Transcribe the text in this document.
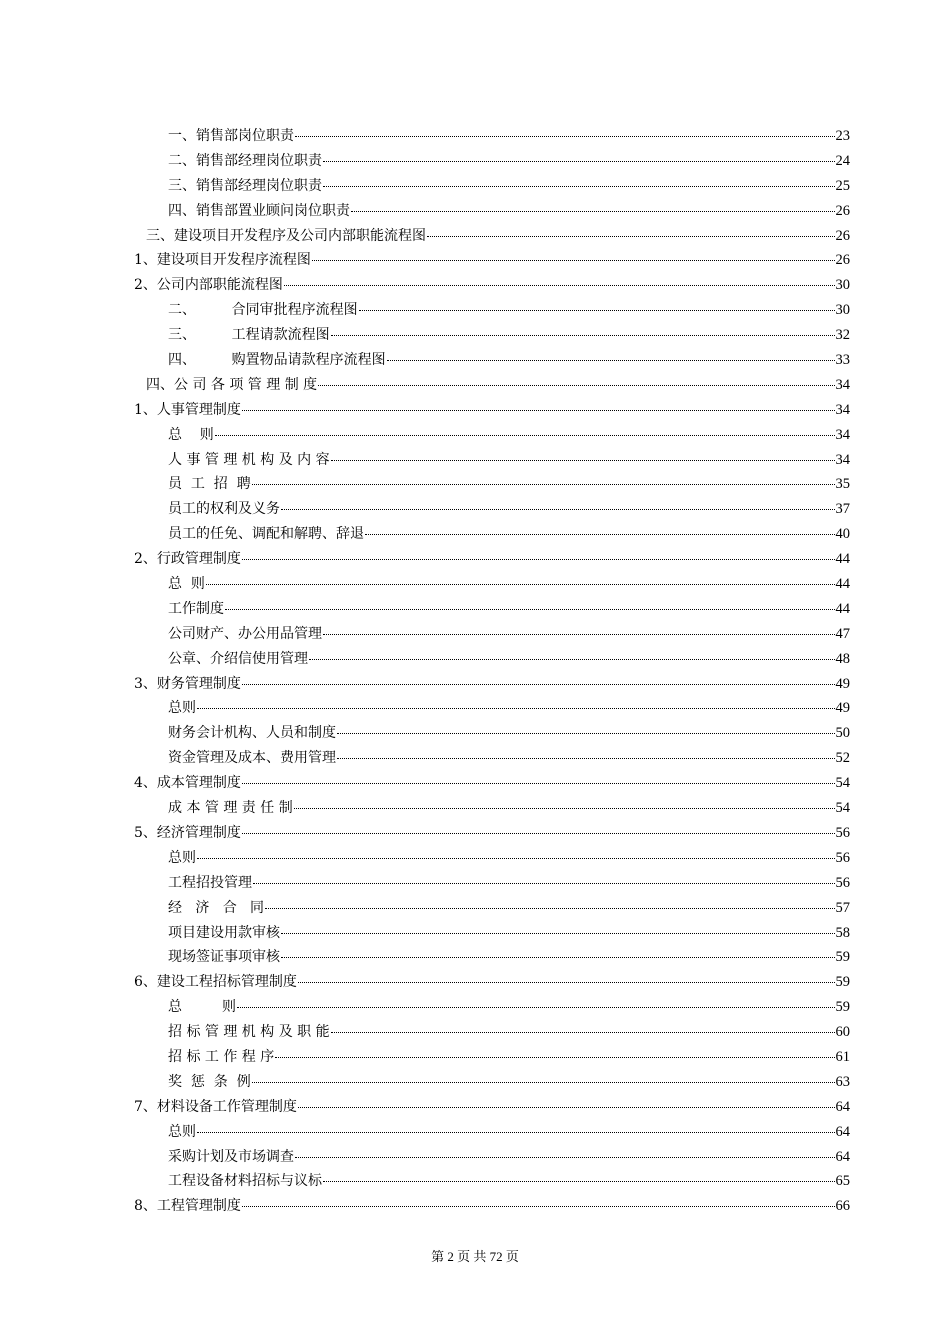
一、销售部岗位职责	23
二、销售部经理岗位职责	24
三、销售部经理岗位职责	25
四、销售部置业顾问岗位职责	26
三、建设项目开发程序及公司内部职能流程图	26
1、建设项目开发程序流程图	26
2、公司内部职能流程图	30
二、        合同审批程序流程图	30
三、        工程请款流程图	32
四、        购置物品请款程序流程图	33
四、公 司 各 项 管 理 制 度	34
1、人事管理制度	34
总    则	34
人 事 管 理 机 构 及 内 容	34
员  工  招  聘	35
员工的权利及义务	37
员工的任免、调配和解聘、辞退	40
2、行政管理制度	44
总  则	44
工作制度	44
公司财产、办公用品管理	47
公章、介绍信使用管理	48
3、财务管理制度	49
总则	49
财务会计机构、人员和制度	50
资金管理及成本、费用管理	52
4、成本管理制度	54
成 本 管 理 责 任 制	54
5、经济管理制度	56
总则	56
工程招投管理	56
经   济   合   同	57
项目建设用款审核	58
现场签证事项审核	59
6、建设工程招标管理制度	59
总         则	59
招 标 管 理 机 构 及 职 能	60
招 标 工 作 程 序	61
奖  惩  条  例	63
7、材料设备工作管理制度	64
总则	64
采购计划及市场调查	64
工程设备材料招标与议标	65
8、工程管理制度	66
第 2 页 共 72 页
